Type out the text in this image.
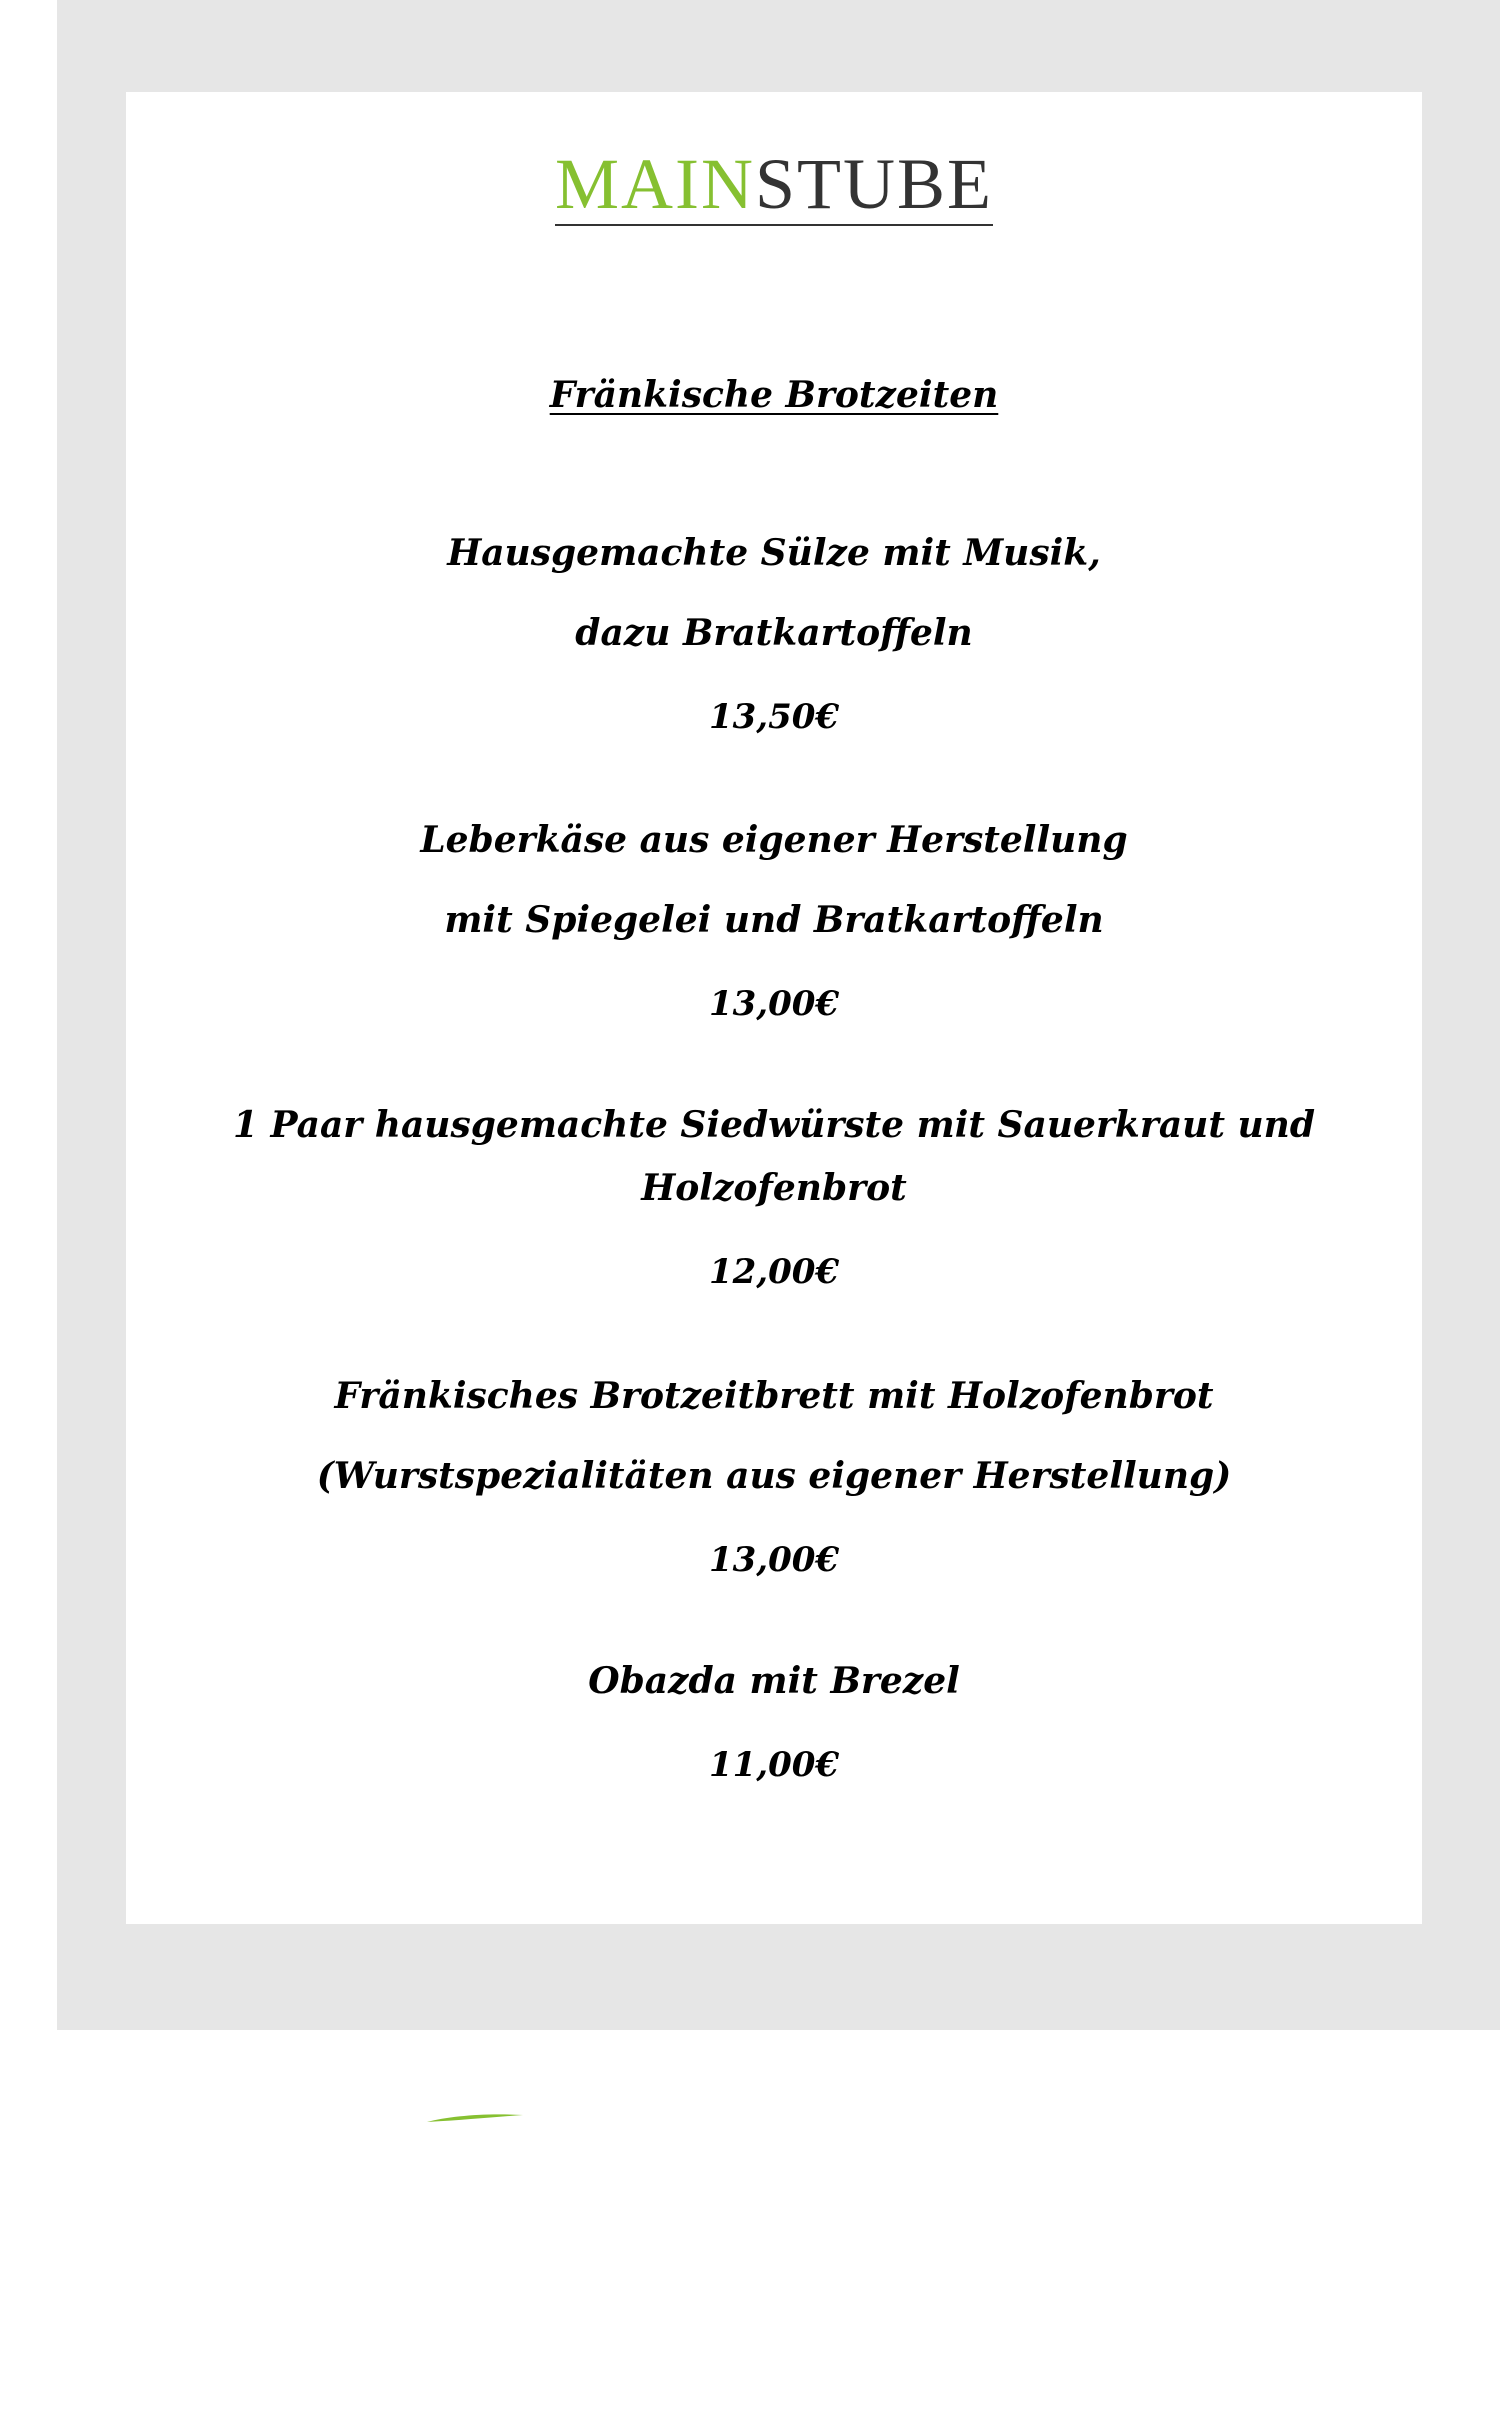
MAINSTUBE

Fränkische Brotzeiten

Hausgemachte Sülze mit Musik,

dazu Bratkartoffeln

13,50€

Leberkäse aus eigener Herstellung

mit Spiegelei und Bratkartoffeln

13,00€

1 Paar hausgemachte Siedwürste mit Sauerkraut und

Holzofenbrot

12,00€

Fränkisches Brotzeitbrett mit Holzofenbrot

(Wurstspezialitäten aus eigener Herstellung)

13,00€

Obazda mit Brezel

11,00€
